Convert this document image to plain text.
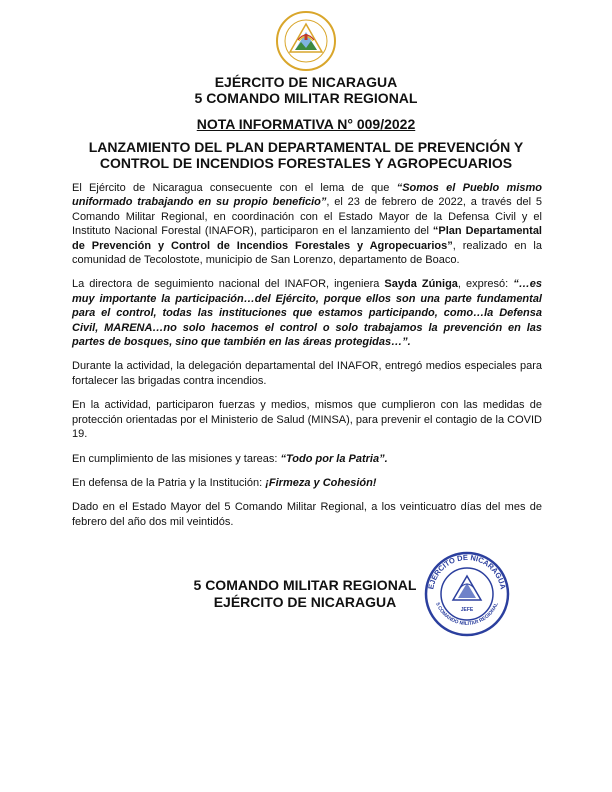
EJÉRCITO DE NICARAGUA
5 COMANDO MILITAR REGIONAL
NOTA INFORMATIVA N° 009/2022
LANZAMIENTO DEL PLAN DEPARTAMENTAL DE PREVENCIÓN Y
CONTROL DE INCENDIOS FORESTALES Y AGROPECUARIOS

El Ejército de Nicaragua consecuente con el lema de que “Somos el Pueblo mismo uniformado trabajando en su propio beneficio”, el 23 de febrero de 2022, a través del 5 Comando Militar Regional, en coordinación con el Estado Mayor de la Defensa Civil y el Instituto Nacional Forestal (INAFOR), participaron en el lanzamiento del “Plan Departamental de Prevención y Control de Incendios Forestales y Agropecuarios”, realizado en la comunidad de Tecolostote, municipio de San Lorenzo, departamento de Boaco.

La directora de seguimiento nacional del INAFOR, ingeniera Sayda Zúniga, expresó: “…es muy importante la participación…del Ejército, porque ellos son una parte fundamental para el control, todas las instituciones que estamos participando, como…la Defensa Civil, MARENA…no solo hacemos el control o solo trabajamos la prevención en las partes de bosques, sino que también en las áreas protegidas…”.

Durante la actividad, la delegación departamental del INAFOR, entregó medios especiales para fortalecer las brigadas contra incendios.

En la actividad, participaron fuerzas y medios, mismos que cumplieron con las medidas de protección orientadas por el Ministerio de Salud (MINSA), para prevenir el contagio de la COVID 19.

En cumplimiento de las misiones y tareas: “Todo por la Patria”.

En defensa de la Patria y la Institución: ¡Firmeza y Cohesión!

Dado en el Estado Mayor del 5 Comando Militar Regional, a los veinticuatro días del mes de febrero del año dos mil veintidós.

5 COMANDO MILITAR REGIONAL
EJÉRCITO DE NICARAGUA	JEFE
EJÉRCITO DE NICARAGUA
5 COMANDO MILITAR REGIONAL
